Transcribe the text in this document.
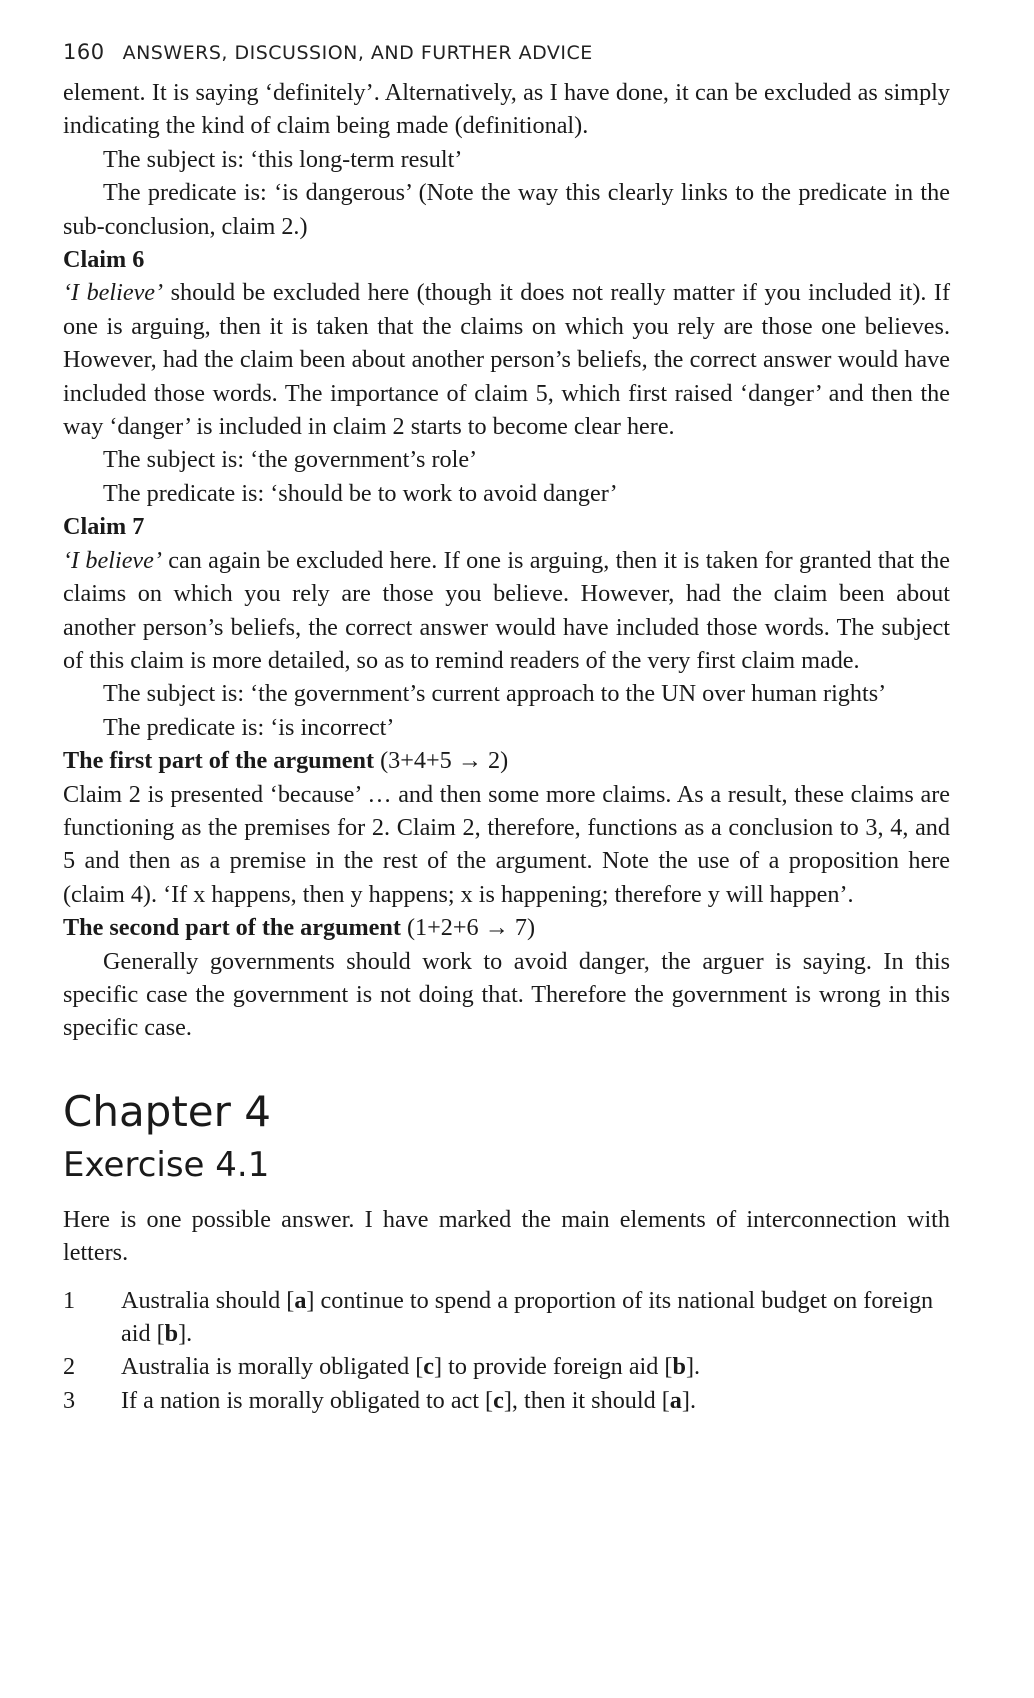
160 ANSWERS, DISCUSSION, AND FURTHER ADVICE

element. It is saying ‘definitely’. Alternatively, as I have done, it can be excluded as simply indicating the kind of claim being made (definitional).

The subject is: ‘this long-term result’

The predicate is: ‘is dangerous’ (Note the way this clearly links to the predicate in the sub-conclusion, claim 2.)

Claim 6

‘I believe’ should be excluded here (though it does not really matter if you included it). If one is arguing, then it is taken that the claims on which you rely are those one believes. However, had the claim been about another person’s beliefs, the correct answer would have included those words. The importance of claim 5, which first raised ‘danger’ and then the way ‘danger’ is included in claim 2 starts to become clear here.

The subject is: ‘the government’s role’

The predicate is: ‘should be to work to avoid danger’

Claim 7

‘I believe’ can again be excluded here. If one is arguing, then it is taken for granted that the claims on which you rely are those you believe. However, had the claim been about another person’s beliefs, the correct answer would have included those words. The subject of this claim is more detailed, so as to remind readers of the very first claim made.

The subject is: ‘the government’s current approach to the UN over human rights’

The predicate is: ‘is incorrect’

The first part of the argument (3+4+5 → 2)

Claim 2 is presented ‘because’ … and then some more claims. As a result, these claims are functioning as the premises for 2. Claim 2, therefore, functions as a conclusion to 3, 4, and 5 and then as a premise in the rest of the argument. Note the use of a proposition here (claim 4). ‘If x happens, then y happens; x is happening; therefore y will happen’.

The second part of the argument (1+2+6 → 7)

Generally governments should work to avoid danger, the arguer is saying. In this specific case the government is not doing that. Therefore the government is wrong in this specific case.

Chapter 4
Exercise 4.1

Here is one possible answer. I have marked the main elements of interconnection with letters.

1	Australia should [a] continue to spend a proportion of its national budget on foreign aid [b].
2	Australia is morally obligated [c] to provide foreign aid [b].
3	If a nation is morally obligated to act [c], then it should [a].
